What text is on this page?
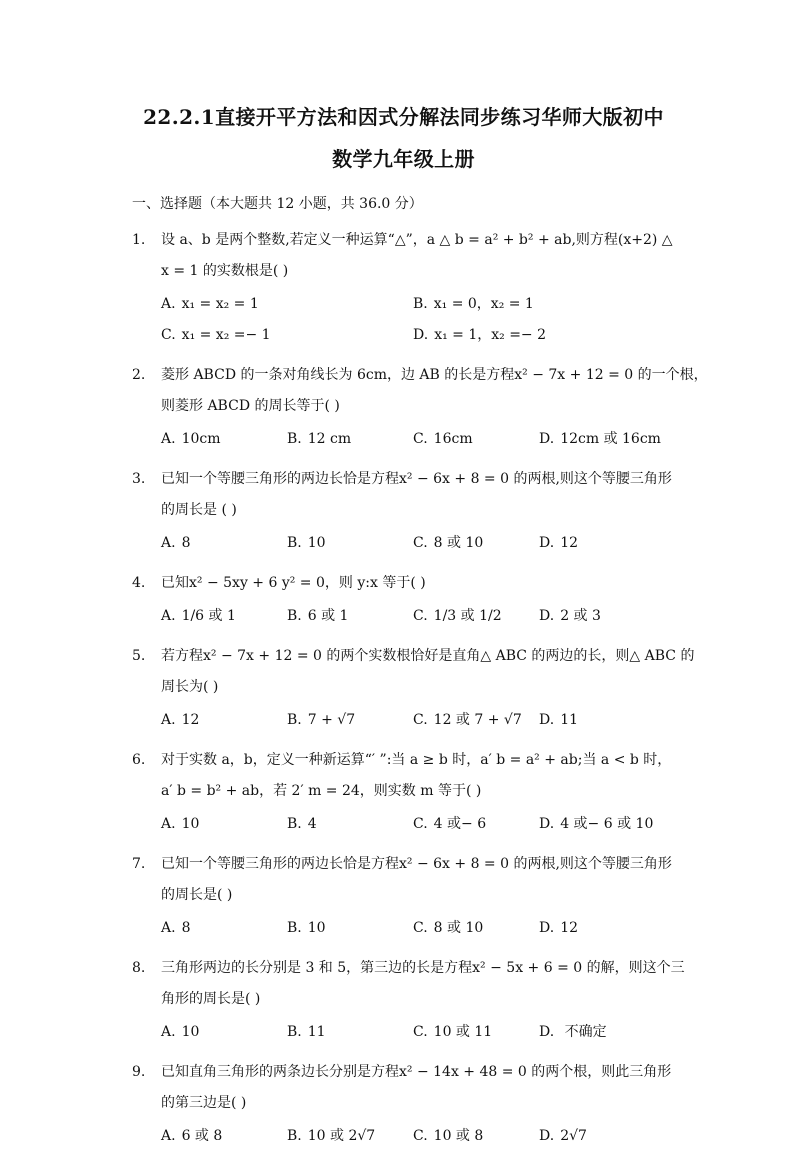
22.2.1直接开平方法和因式分解法同步练习华师大版初中
数学九年级上册
一、选择题（本大题共 12 小题，共 36.0 分）
1. 设 a、b 是两个整数,若定义一种运算“△”，a △ b = a² + b² + ab,则方程(x+2) △
x = 1 的实数根是( )
A. x₁ = x₂ = 1	B. x₁ = 0，x₂ = 1
C. x₁ = x₂ =− 1	D. x₁ = 1，x₂ =− 2
2. 菱形 ABCD 的一条对角线长为 6cm，边 AB 的长是方程x² − 7x + 12 = 0 的一个根，
则菱形 ABCD 的周长等于( )
A. 10cm	B. 12 cm	C. 16cm	D. 12cm 或 16cm
3. 已知一个等腰三角形的两边长恰是方程x² − 6x + 8 = 0 的两根,则这个等腰三角形
的周长是 ( )
A. 8	B. 10	C. 8 或 10	D. 12
4. 已知x² − 5xy + 6 y² = 0，则 y:x 等于( )
A. 1/6 或 1	B. 6 或 1	C. 1/3 或 1/2	D. 2 或 3
5. 若方程x² − 7x + 12 = 0 的两个实数根恰好是直角△ ABC 的两边的长，则△ ABC 的
周长为( )
A. 12	B. 7 + √7	C. 12 或 7 + √7	D. 11
6. 对于实数 a，b，定义一种新运算“′ ”:当 a ≥ b 时，a′ b = a² + ab;当 a < b 时，
a′ b = b² + ab，若 2′ m = 24，则实数 m 等于( )
A. 10	B. 4	C. 4 或− 6	D. 4 或− 6 或 10
7. 已知一个等腰三角形的两边长恰是方程x² − 6x + 8 = 0 的两根,则这个等腰三角形
的周长是( )
A. 8	B. 10	C. 8 或 10	D. 12
8. 三角形两边的长分别是 3 和 5，第三边的长是方程x² − 5x + 6 = 0 的解，则这个三
角形的周长是( )
A. 10	B. 11	C. 10 或 11	D. 不确定
9. 已知直角三角形的两条边长分别是方程x² − 14x + 48 = 0 的两个根，则此三角形
的第三边是( )
A. 6 或 8	B. 10 或 2√7	C. 10 或 8	D. 2√7
